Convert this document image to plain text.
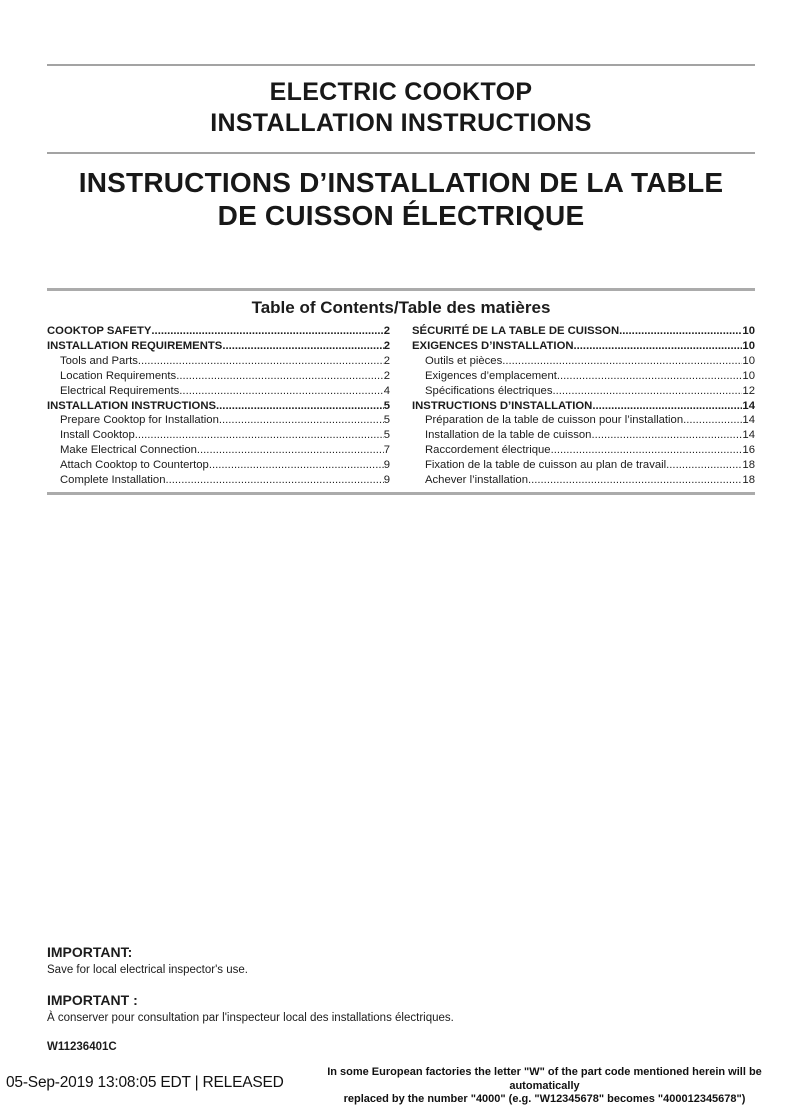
ELECTRIC COOKTOP
INSTALLATION INSTRUCTIONS
INSTRUCTIONS D’INSTALLATION DE LA TABLE
DE CUISSON ÉLECTRIQUE
Table of Contents/Table des matières
COOKTOP SAFETY .....	2
INSTALLATION REQUIREMENTS .....	2
Tools and Parts .....	2
Location Requirements .....	2
Electrical Requirements .....	4
INSTALLATION INSTRUCTIONS .....	5
Prepare Cooktop for Installation .....	5
Install Cooktop .....	5
Make Electrical Connection .....	7
Attach Cooktop to Countertop .....	9
Complete Installation .....	9
SÉCURITÉ DE LA TABLE DE CUISSON .....	10
EXIGENCES D’INSTALLATION .....	10
Outils et pièces .....	10
Exigences d’emplacement .....	10
Spécifications électriques .....	12
INSTRUCTIONS D’INSTALLATION .....	14
Préparation de la table de cuisson pour l’installation .....	14
Installation de la table de cuisson .....	14
Raccordement électrique .....	16
Fixation de la table de cuisson au plan de travail .....	18
Achever l’installation .....	18
IMPORTANT:
Save for local electrical inspector's use.
IMPORTANT :
À conserver pour consultation par l'inspecteur local des installations électriques.
W11236401C
05-Sep-2019 13:08:05 EDT | RELEASED
In some European factories the letter "W" of the part code mentioned herein will be automatically
replaced by the number "4000" (e.g. "W12345678" becomes "400012345678")
